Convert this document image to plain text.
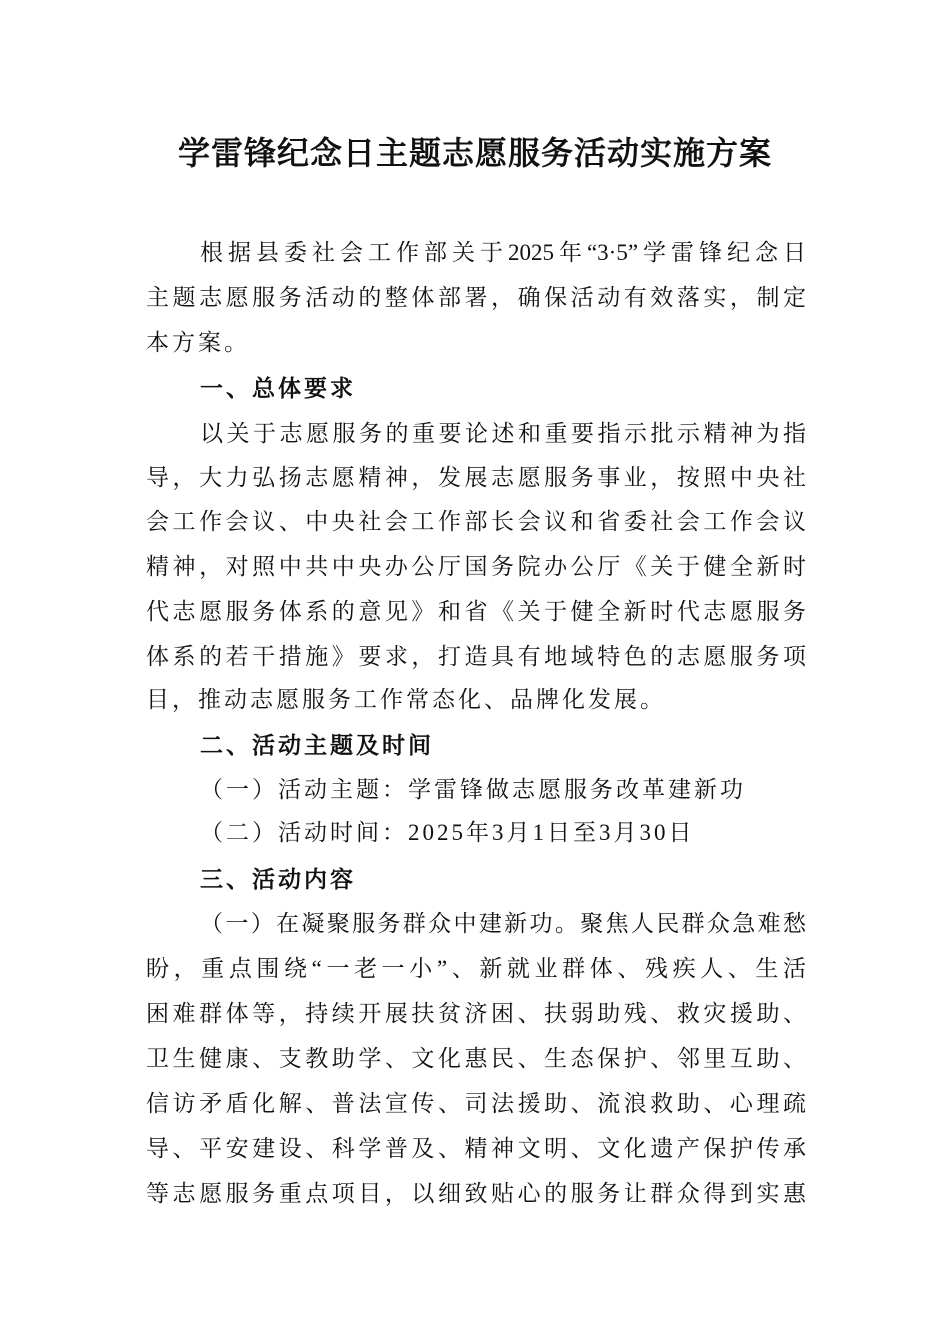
学雷锋纪念日主题志愿服务活动实施方案
根据县委社会工作部关于2025年“3·5”学雷锋纪念日
主题志愿服务活动的整体部署，确保活动有效落实，制定
本方案。
一、总体要求
以关于志愿服务的重要论述和重要指示批示精神为指
导，大力弘扬志愿精神，发展志愿服务事业，按照中央社
会工作会议、中央社会工作部长会议和省委社会工作会议
精神，对照中共中央办公厅国务院办公厅《关于健全新时
代志愿服务体系的意见》和省《关于健全新时代志愿服务
体系的若干措施》要求，打造具有地域特色的志愿服务项
目，推动志愿服务工作常态化、品牌化发展。
二、活动主题及时间
（一）活动主题：学雷锋做志愿服务改革建新功
（二）活动时间：2025年3月1日至3月30日
三、活动内容
（一）在凝聚服务群众中建新功。聚焦人民群众急难愁
盼，重点围绕“一老一小”、新就业群体、残疾人、生活
困难群体等，持续开展扶贫济困、扶弱助残、救灾援助、
卫生健康、支教助学、文化惠民、生态保护、邻里互助、
信访矛盾化解、普法宣传、司法援助、流浪救助、心理疏
导、平安建设、科学普及、精神文明、文化遗产保护传承
等志愿服务重点项目，以细致贴心的服务让群众得到实惠
